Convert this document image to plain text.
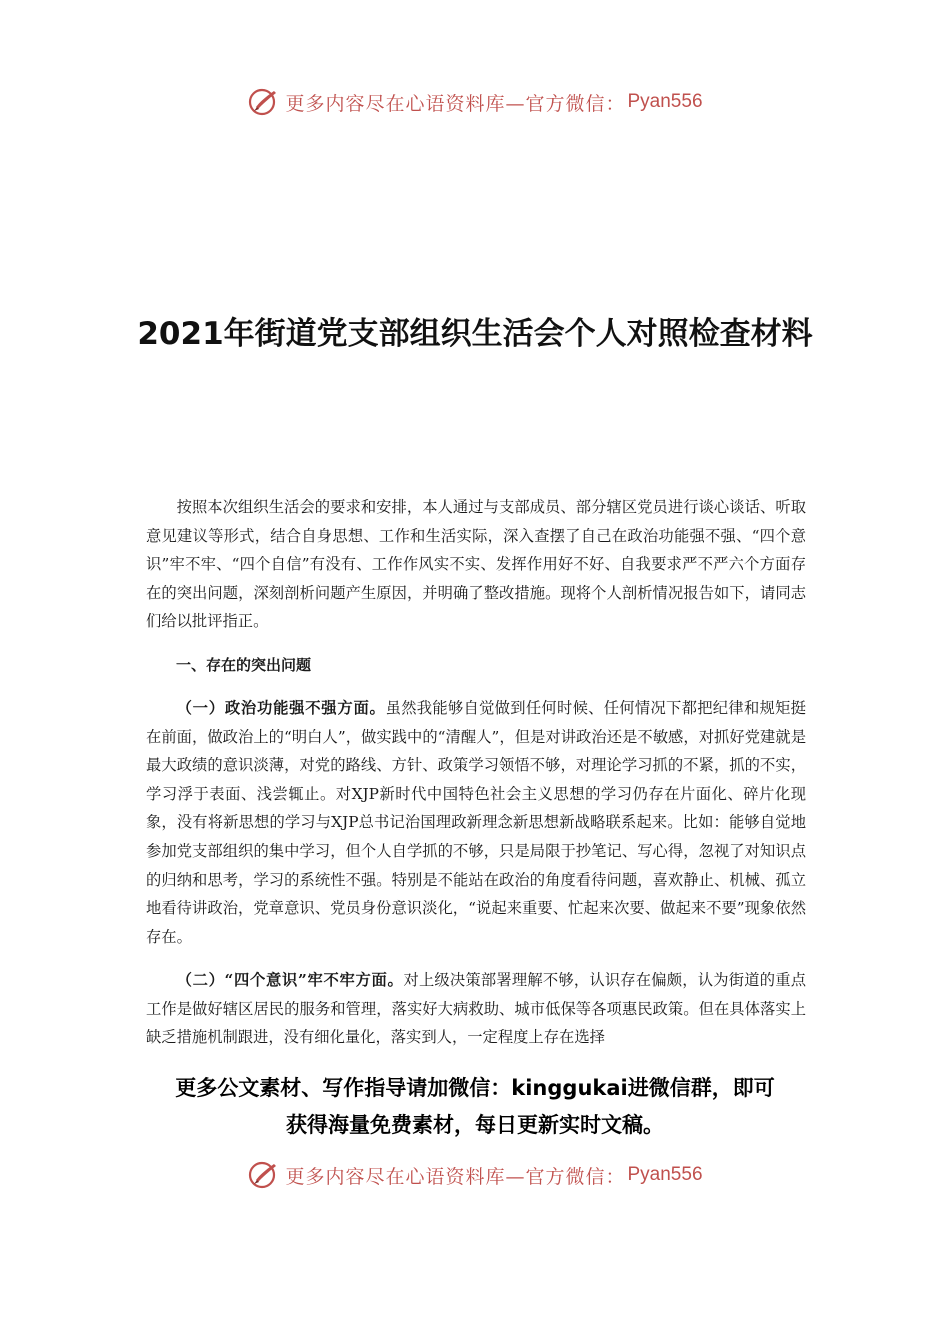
更多内容尽在心语资料库—官方微信： Pyan556
2021年街道党支部组织生活会个人对照检查材料

按照本次组织生活会的要求和安排，本人通过与支部成员、部分辖区党员进行谈心谈话、听取意见建议等形式，结合自身思想、工作和生活实际，深入查摆了自己在政治功能强不强、“四个意识”牢不牢、“四个自信”有没有、工作作风实不实、发挥作用好不好、自我要求严不严六个方面存在的突出问题，深刻剖析问题产生原因，并明确了整改措施。现将个人剖析情况报告如下，请同志们给以批评指正。

一、存在的突出问题

（一）政治功能强不强方面。虽然我能够自觉做到任何时候、任何情况下都把纪律和规矩挺在前面，做政治上的“明白人”，做实践中的“清醒人”，但是对讲政治还是不敏感，对抓好党建就是最大政绩的意识淡薄，对党的路线、方针、政策学习领悟不够，对理论学习抓的不紧，抓的不实，学习浮于表面、浅尝辄止。对XJP新时代中国特色社会主义思想的学习仍存在片面化、碎片化现象，没有将新思想的学习与XJP总书记治国理政新理念新思想新战略联系起来。比如：能够自觉地参加党支部组织的集中学习，但个人自学抓的不够，只是局限于抄笔记、写心得，忽视了对知识点的归纳和思考，学习的系统性不强。特别是不能站在政治的角度看待问题，喜欢静止、机械、孤立地看待讲政治，党章意识、党员身份意识淡化，“说起来重要、忙起来次要、做起来不要”现象依然存在。

（二）“四个意识”牢不牢方面。对上级决策部署理解不够，认识存在偏颇，认为街道的重点工作是做好辖区居民的服务和管理，落实好大病救助、城市低保等各项惠民政策。但在具体落实上缺乏措施机制跟进，没有细化量化，落实到人，一定程度上存在选择

更多公文素材、写作指导请加微信：kinggukai进微信群，即可
获得海量免费素材，每日更新实时文稿。
更多内容尽在心语资料库—官方微信： Pyan556
